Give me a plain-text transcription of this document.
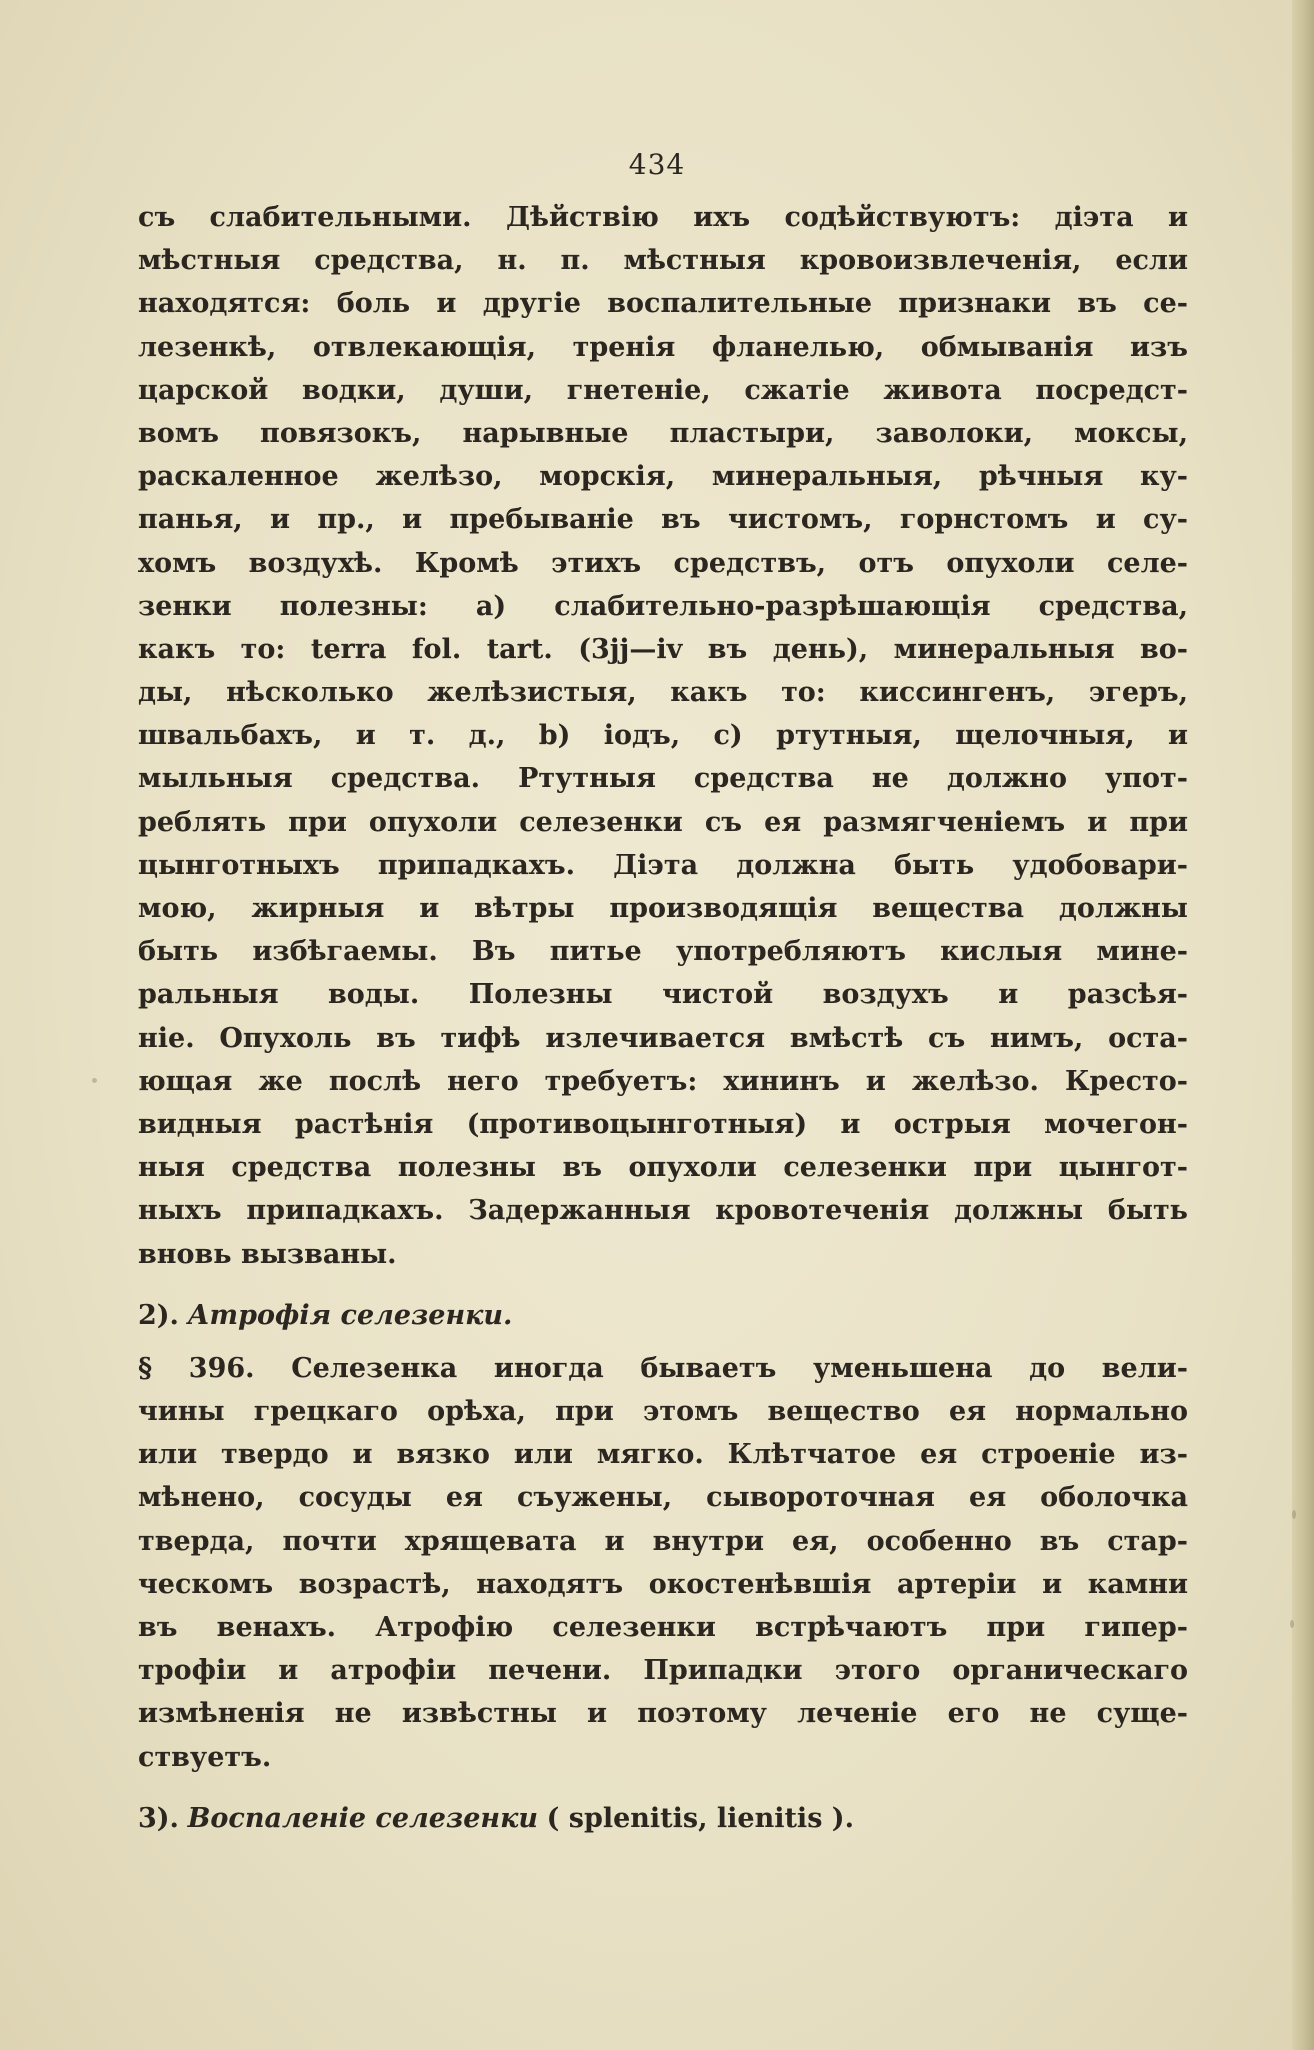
434
съ слабительными. Дѣйствію ихъ содѣйствуютъ: діэта и
мѣстныя средства, н. п. мѣстныя кровоизвлеченія, если
находятся: боль и другіе воспалительные признаки въ се-
лезенкѣ, отвлекающія, тренія фланелью, обмыванія изъ
царской водки, души, гнетеніе, сжатіе живота посредст-
вомъ повязокъ, нарывные пластыри, заволоки, моксы,
раскаленное желѣзо, морскія, минеральныя, рѣчныя ку-
панья, и пр., и пребываніе въ чистомъ, горнстомъ и су-
хомъ воздухѣ. Кромѣ этихъ средствъ, отъ опухоли селе-
зенки полезны: а) слабительно-разрѣшающія средства,
какъ то: terra fol. tart. (3jj—iv въ день), минеральныя во-
ды, нѣсколько желѣзистыя, какъ то: киссингенъ, эгеръ,
швальбахъ, и т. д., b) іодъ, с) ртутныя, щелочныя, и
мыльныя средства. Ртутныя средства не должно упот-
реблять при опухоли селезенки съ ея размягченіемъ и при
цынготныхъ припадкахъ. Діэта должна быть удобовари-
мою, жирныя и вѣтры производящія вещества должны
быть избѣгаемы. Въ питье употребляютъ кислыя мине-
ральныя воды. Полезны чистой воздухъ и разсѣя-
ніе. Опухоль въ тифѣ излечивается вмѣстѣ съ нимъ, оста-
ющая же послѣ него требуетъ: хининъ и желѣзо. Кресто-
видныя растѣнія (противоцынготныя) и острыя мочегон-
ныя средства полезны въ опухоли селезенки при цынгот-
ныхъ припадкахъ. Задержанныя кровотеченія должны быть
вновь вызваны.
2). Атрофія селезенки.
§ 396. Селезенка иногда бываетъ уменьшена до вели-
чины грецкаго орѣха, при этомъ вещество ея нормально
или твердо и вязко или мягко. Клѣтчатое ея строеніе из-
мѣнено, сосуды ея съужены, сывороточная ея оболочка
тверда, почти хрящевата и внутри ея, особенно въ стар-
ческомъ возрастѣ, находятъ окостенѣвшія артеріи и камни
въ венахъ. Атрофію селезенки встрѣчаютъ при гипер-
трофіи и атрофіи печени. Припадки этого органическаго
измѣненія не извѣстны и поэтому леченіе его не суще-
ствуетъ.
3). Воспаленіе селезенки ( splenitis, lienitis ).
